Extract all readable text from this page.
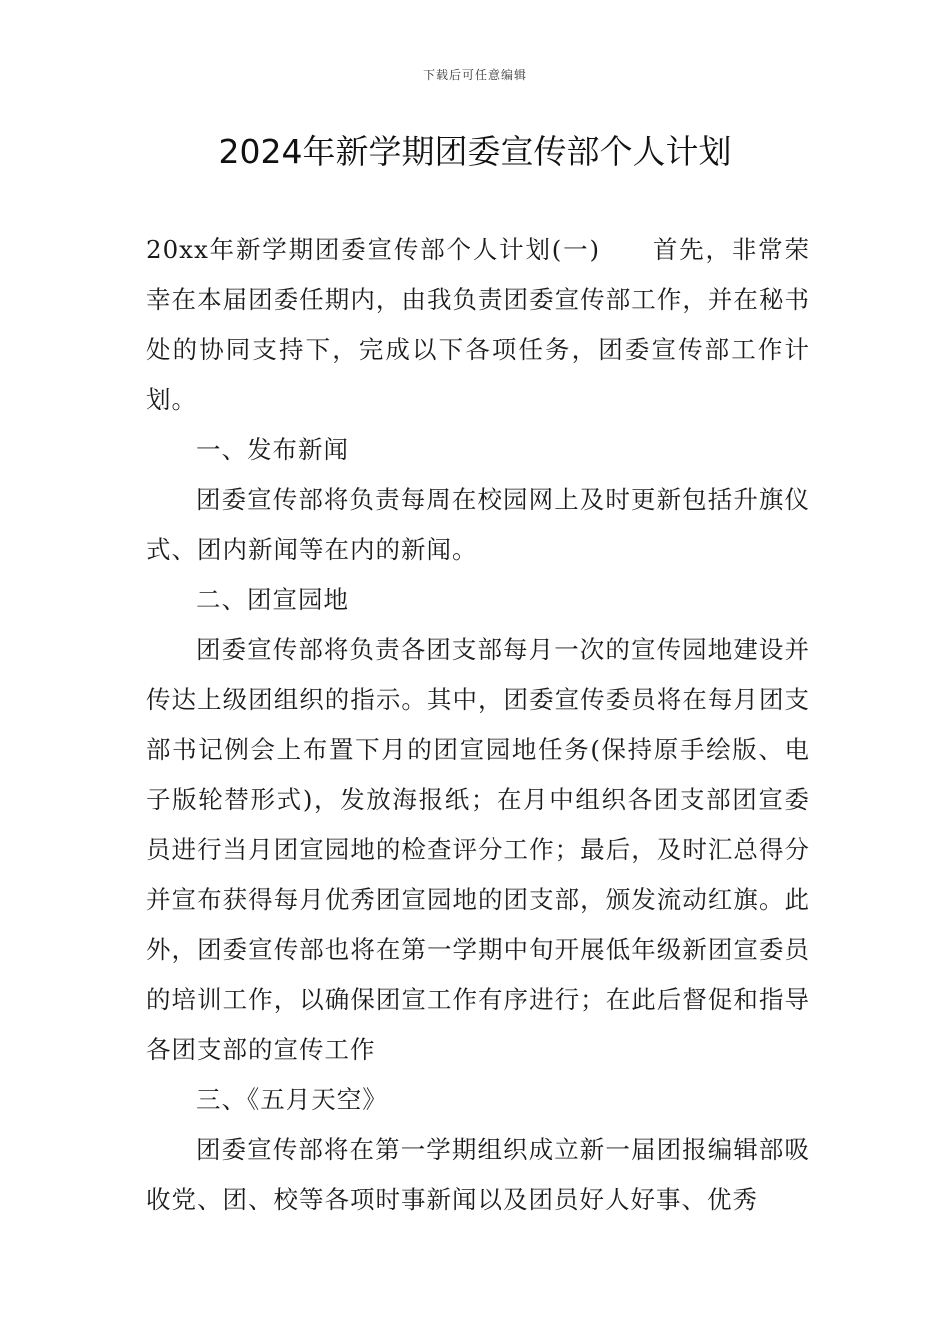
下载后可任意编辑
2024年新学期团委宣传部个人计划

20xx年新学期团委宣传部个人计划(一) 首先，非常荣幸在本届团委任期内，由我负责团委宣传部工作，并在秘书处的协同支持下，完成以下各项任务，团委宣传部工作计划。

一、发布新闻

团委宣传部将负责每周在校园网上及时更新包括升旗仪式、团内新闻等在内的新闻。

二、团宣园地

团委宣传部将负责各团支部每月一次的宣传园地建设并传达上级团组织的指示。其中，团委宣传委员将在每月团支部书记例会上布置下月的团宣园地任务(保持原手绘版、电子版轮替形式)，发放海报纸；在月中组织各团支部团宣委员进行当月团宣园地的检查评分工作；最后，及时汇总得分并宣布获得每月优秀团宣园地的团支部，颁发流动红旗。此外，团委宣传部也将在第一学期中旬开展低年级新团宣委员的培训工作，以确保团宣工作有序进行；在此后督促和指导各团支部的宣传工作

三、《五月天空》

团委宣传部将在第一学期组织成立新一届团报编辑部吸收党、团、校等各项时事新闻以及团员好人好事、优秀
